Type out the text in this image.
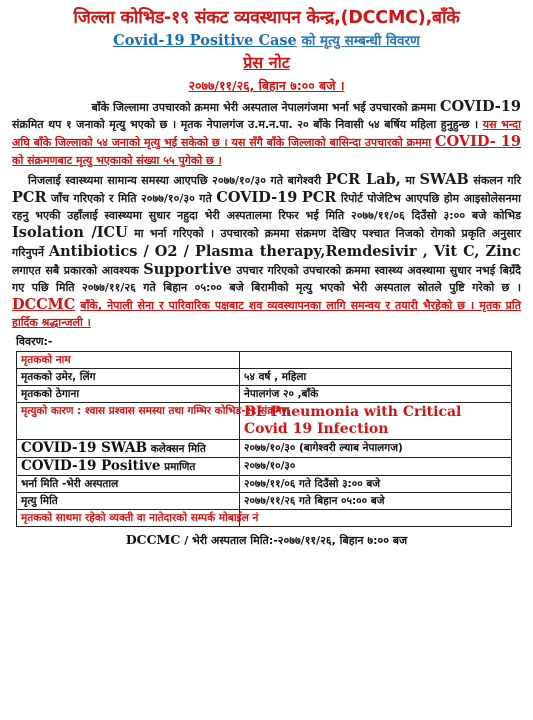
जिल्ला कोभिड-१९ संकट व्यवस्थापन केन्द्र,(DCCMC),बाँके
Covid-19 Positive Case को मृत्यु सम्बन्धी विवरण
प्रेस नोट
२०७७/११/२६, बिहान ७:०० बजे ।

बाँके जिल्लामा उपचारको क्रममा भेरी अस्पताल नेपालगंजमा भर्ना भई उपचारको क्रममा COVID-19 संक्रमित थप १ जनाको मृत्यु भएको छ । मृतक नेपालगंज उ.म.न.पा. २० बाँके निवासी ५४ बर्षिय महिला हुनुहुन्छ । यस भन्दा अघि बाँके जिल्लाको ५४ जनाको मृत्यु भई सकेको छ । यस सँगै बाँके जिल्लाको बासिन्दा उपचारको क्रममा COVID- 19 को संक्रमणबाट मृत्यु भएकाको संख्या ५५ पुगेको छ ।

निजलाई स्वास्थ्यमा सामान्य समस्या आएपछि २०७७/१०/३० गते बागेश्वरी PCR Lab, मा SWAB संकलन गरि PCR जाँच गरिएको र मिति २०७७/१०/३० गते COVID-19 PCR रिपोर्ट पोजेटिभ आएपछि होम आइसोलेसनमा रहनु भएकी उहाँलाई स्वास्थ्यमा सुधार नहुदा भेरी अस्पतालमा रिफर भई मिति २०७७/११/०६ दिउँसो ३:०० बजे कोभिड Isolation /ICU मा भर्ना गरिएको । उपचारको क्रममा संक्रमण देखिए पश्चात निजको रोगको प्रकृति अनुसार गरिनुपर्ने Antibiotics / O2 / Plasma therapy,Remdesivir , Vit C, Zinc लगाएत सबै प्रकारको आवश्यक Supportive उपचार गरिएको उपचारको क्रममा स्वास्थ्य अवस्थामा सुधार नभई बिग्रँदै गए पछि मिति २०७७/११/२६ गते बिहान ०५:०० बजे बिरामीको मृत्यु भएको भेरी अस्पताल स्रोतले पुष्टि गरेको छ । DCCMC बाँके, नेपाली सेना र पारिवारिक पक्षबाट शव व्यवस्थापनका लागि समन्वय र तयारी भैरहेको छ । मृतक प्रति हार्दिक श्रद्धान्जली ।

विवरण:-
मृतकको नाम	
मृतकको उमेर, लिंग	५४ वर्ष , महिला
मृतकको ठेगाना	नेपालगंज २० ,बाँके
मृत्युको कारण : श्वास प्रश्वास समस्या तथा गम्भिर कोभिड-१९ संक्रमण	BL Pneumonia with Critical Covid 19 Infection
COVID-19 SWAB कलेक्सन मिति	२०७७/१०/३० (बागेश्वरी ल्याब नेपालगज)
COVID-19 Positive प्रमाणित	२०७७/१०/३०
भर्ना मिति -भेरी अस्पताल	२०७७/११/०६ गते दिउँसो ३:०० बजे
मृत्यु मिति	२०७७/११/२६ गते बिहान ०५:०० बजे
मृतकको साथमा रहेको व्यक्ती वा नातेदारको सम्पर्क मोबाईल नं	
DCCMC / भेरी अस्पताल मिति:-२०७७/११/२६, बिहान ७:०० बज
